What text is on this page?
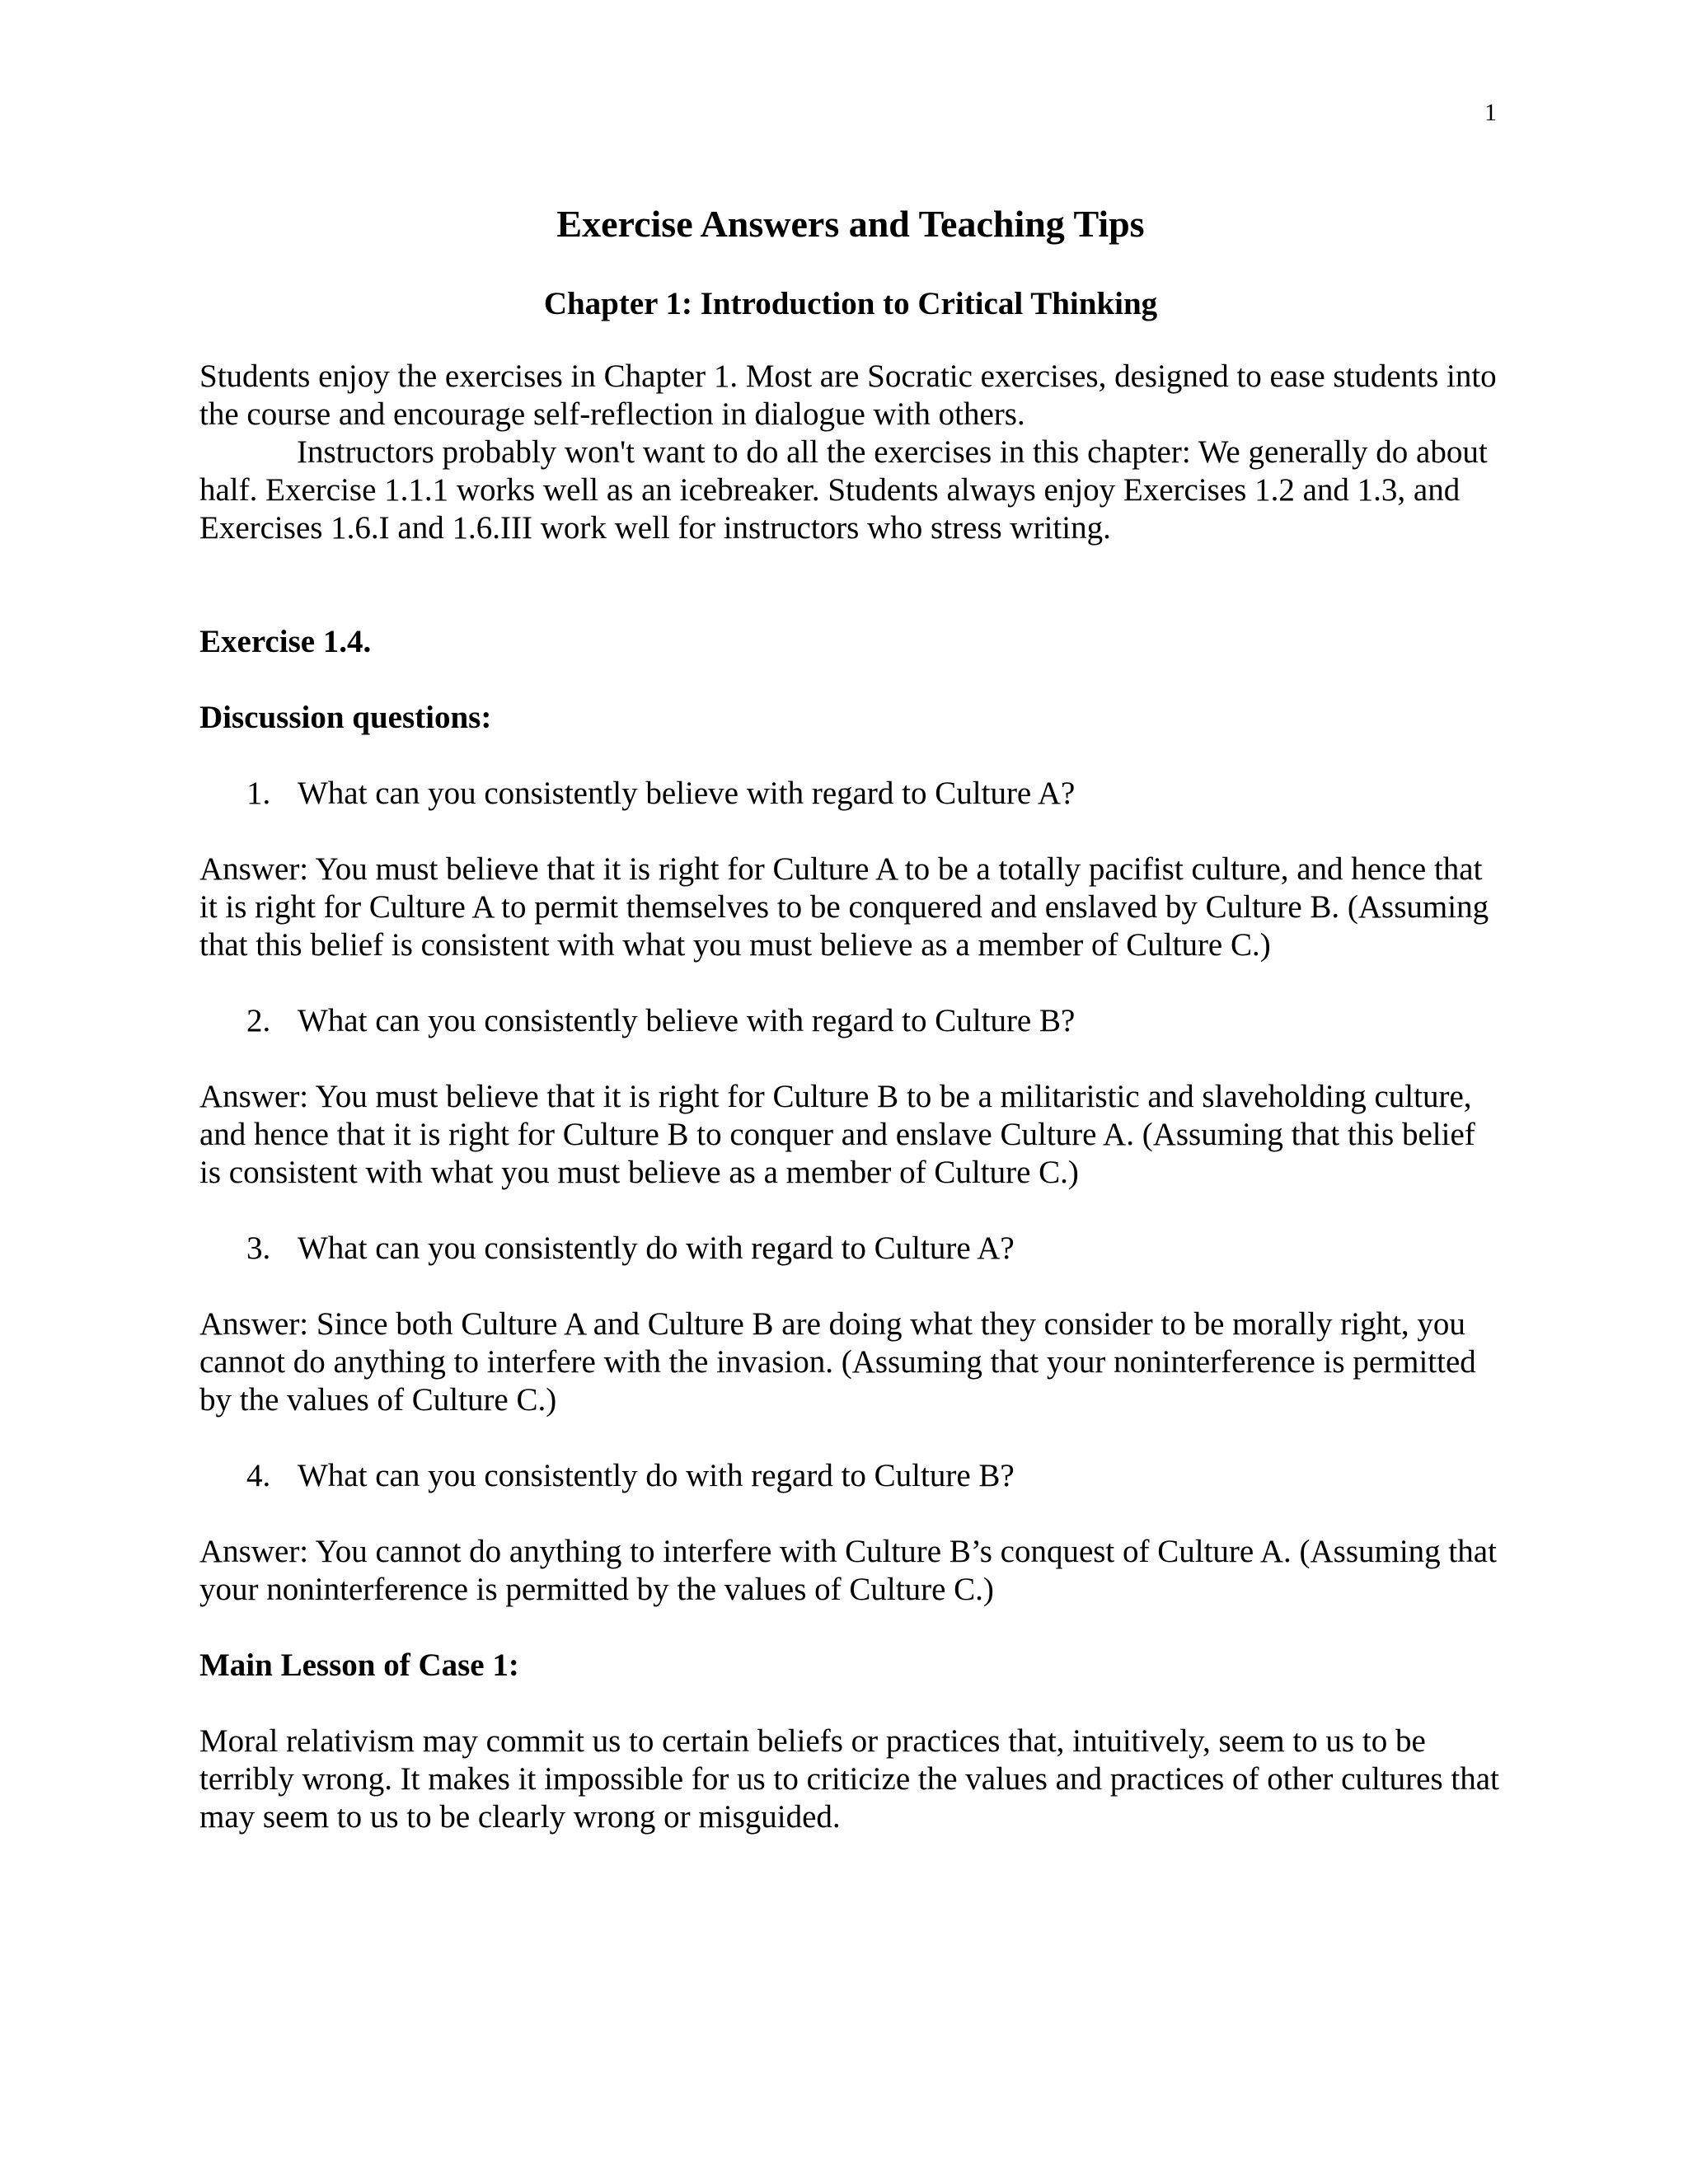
1
Exercise Answers and Teaching Tips
Chapter 1: Introduction to Critical Thinking

Students enjoy the exercises in Chapter 1. Most are Socratic exercises, designed to ease students into the course and encourage self-reflection in dialogue with others.

Instructors probably won't want to do all the exercises in this chapter: We generally do about half. Exercise 1.1.1 works well as an icebreaker. Students always enjoy Exercises 1.2 and 1.3, and Exercises 1.6.I and 1.6.III work well for instructors who stress writing.

Exercise 1.4.

Discussion questions:

1. What can you consistently believe with regard to Culture A?

Answer: You must believe that it is right for Culture A to be a totally pacifist culture, and hence that it is right for Culture A to permit themselves to be conquered and enslaved by Culture B. (Assuming that this belief is consistent with what you must believe as a member of Culture C.)

2. What can you consistently believe with regard to Culture B?

Answer: You must believe that it is right for Culture B to be a militaristic and slaveholding culture, and hence that it is right for Culture B to conquer and enslave Culture A. (Assuming that this belief is consistent with what you must believe as a member of Culture C.)

3. What can you consistently do with regard to Culture A?

Answer: Since both Culture A and Culture B are doing what they consider to be morally right, you cannot do anything to interfere with the invasion. (Assuming that your noninterference is permitted by the values of Culture C.)

4. What can you consistently do with regard to Culture B?

Answer: You cannot do anything to interfere with Culture B’s conquest of Culture A. (Assuming that your noninterference is permitted by the values of Culture C.)

Main Lesson of Case 1:

Moral relativism may commit us to certain beliefs or practices that, intuitively, seem to us to be terribly wrong. It makes it impossible for us to criticize the values and practices of other cultures that may seem to us to be clearly wrong or misguided.
